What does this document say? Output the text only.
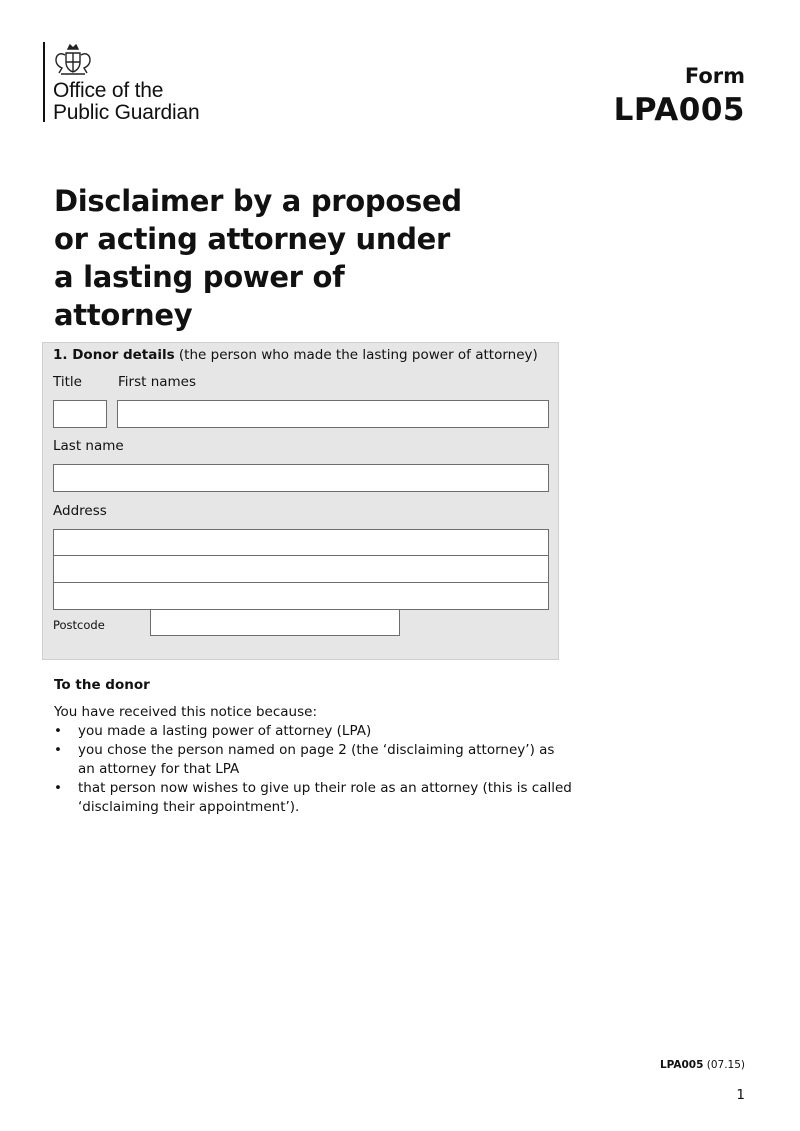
Office of the
Public Guardian
Form
LPA005
Disclaimer by a proposed or acting attorney under a lasting power of attorney
1. Donor details (the person who made the lasting power of attorney)
Title	First names
Last name
Address
Postcode
To the donor
You have received this notice because:
• you made a lasting power of attorney (LPA)
• you chose the person named on page 2 (the ‘disclaiming attorney’) as an attorney for that LPA
• that person now wishes to give up their role as an attorney (this is called ‘disclaiming their appointment’).
LPA005 (07.15)
1
